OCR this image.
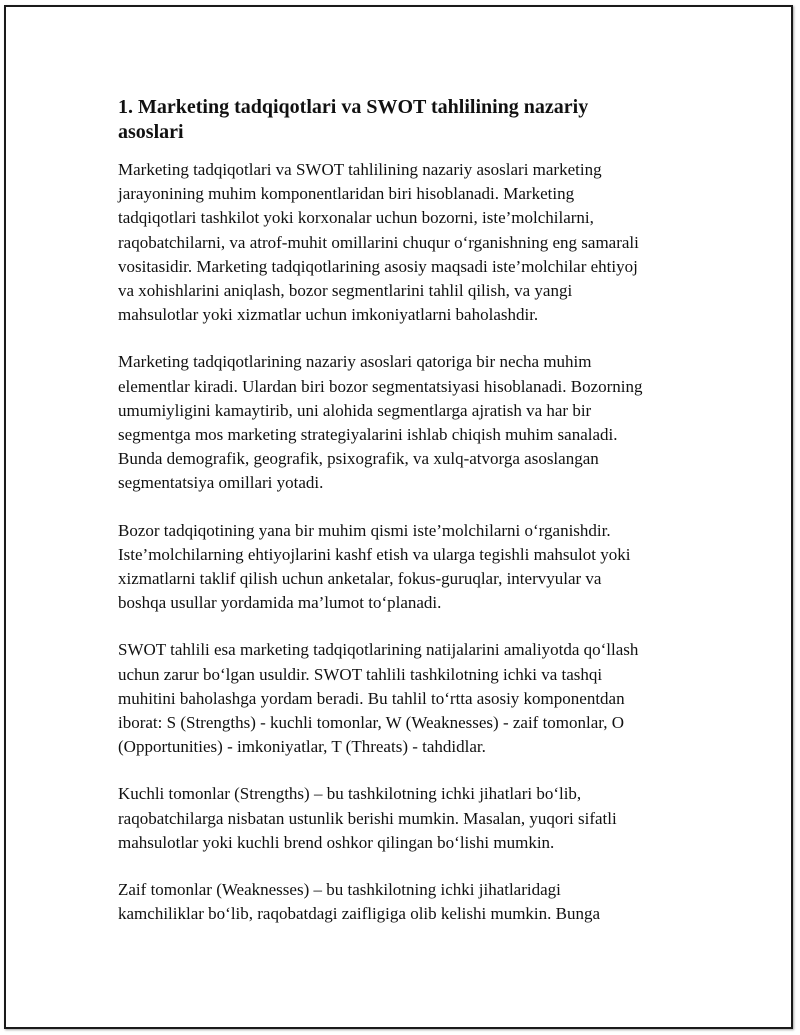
1. Marketing tadqiqotlari va SWOT tahlilining nazariy
asoslari

Marketing tadqiqotlari va SWOT tahlilining nazariy asoslari marketing
jarayonining muhim komponentlaridan biri hisoblanadi. Marketing
tadqiqotlari tashkilot yoki korxonalar uchun bozorni, iste’molchilarni,
raqobatchilarni, va atrof-muhit omillarini chuqur o‘rganishning eng samarali
vositasidir. Marketing tadqiqotlarining asosiy maqsadi iste’molchilar ehtiyoj
va xohishlarini aniqlash, bozor segmentlarini tahlil qilish, va yangi
mahsulotlar yoki xizmatlar uchun imkoniyatlarni baholashdir.

Marketing tadqiqotlarining nazariy asoslari qatoriga bir necha muhim
elementlar kiradi. Ulardan biri bozor segmentatsiyasi hisoblanadi. Bozorning
umumiyligini kamaytirib, uni alohida segmentlarga ajratish va har bir
segmentga mos marketing strategiyalarini ishlab chiqish muhim sanaladi.
Bunda demografik, geografik, psixografik, va xulq-atvorga asoslangan
segmentatsiya omillari yotadi.

Bozor tadqiqotining yana bir muhim qismi iste’molchilarni o‘rganishdir.
Iste’molchilarning ehtiyojlarini kashf etish va ularga tegishli mahsulot yoki
xizmatlarni taklif qilish uchun anketalar, fokus-guruqlar, intervyular va
boshqa usullar yordamida ma’lumot to‘planadi.

SWOT tahlili esa marketing tadqiqotlarining natijalarini amaliyotda qo‘llash
uchun zarur bo‘lgan usuldir. SWOT tahlili tashkilotning ichki va tashqi
muhitini baholashga yordam beradi. Bu tahlil to‘rtta asosiy komponentdan
iborat: S (Strengths) - kuchli tomonlar, W (Weaknesses) - zaif tomonlar, O
(Opportunities) - imkoniyatlar, T (Threats) - tahdidlar.

Kuchli tomonlar (Strengths) – bu tashkilotning ichki jihatlari bo‘lib,
raqobatchilarga nisbatan ustunlik berishi mumkin. Masalan, yuqori sifatli
mahsulotlar yoki kuchli brend oshkor qilingan bo‘lishi mumkin.

Zaif tomonlar (Weaknesses) – bu tashkilotning ichki jihatlaridagi
kamchiliklar bo‘lib, raqobatdagi zaifligiga olib kelishi mumkin. Bunga
